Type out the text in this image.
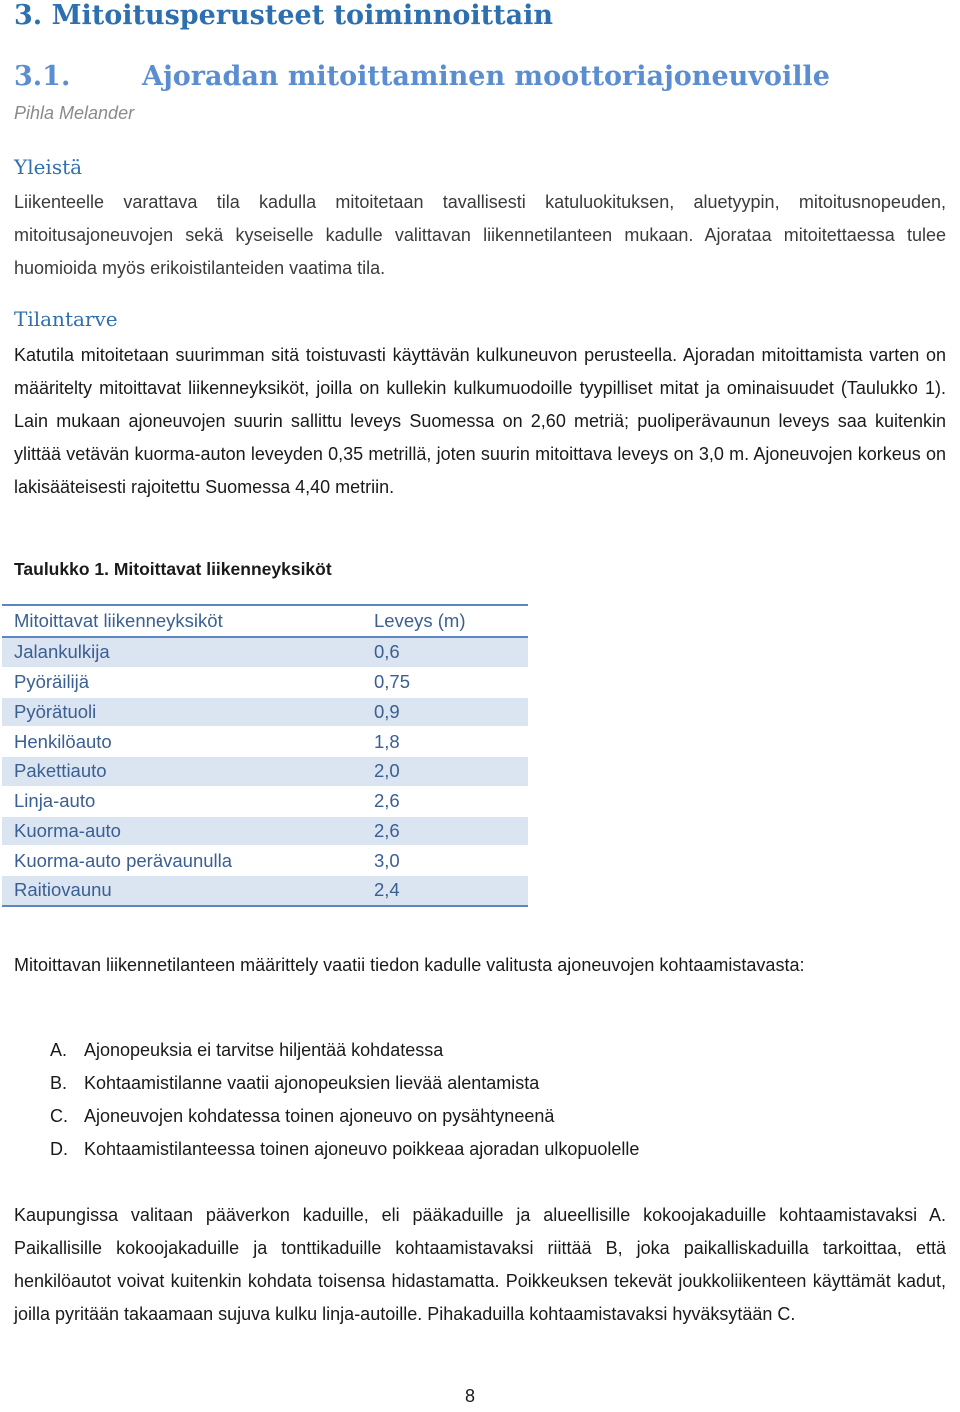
3. Mitoitusperusteet toiminnoittain
3.1.	Ajoradan mitoittaminen moottoriajoneuvoille
Pihla Melander
Yleistä

Liikenteelle varattava tila kadulla mitoitetaan tavallisesti katuluokituksen, aluetyypin, mitoitusnopeuden, mitoitusajoneuvojen sekä kyseiselle kadulle valittavan liikennetilanteen mukaan. Ajorataa mitoitettaessa tulee huomioida myös erikoistilanteiden vaatima tila.

Tilantarve

Katutila mitoitetaan suurimman sitä toistuvasti käyttävän kulkuneuvon perusteella. Ajoradan mitoittamista varten on määritelty mitoittavat liikenneyksiköt, joilla on kullekin kulkumuodoille tyypilliset mitat ja ominaisuudet (Taulukko 1). Lain mukaan ajoneuvojen suurin sallittu leveys Suomessa on 2,60 metriä; puoliperävaunun leveys saa kuitenkin ylittää vetävän kuorma-auton leveyden 0,35 metrillä, joten suurin mitoittava leveys on 3,0 m. Ajoneuvojen korkeus on lakisääteisesti rajoitettu Suomessa 4,40 metriin.

Taulukko 1. Mitoittavat liikenneyksiköt
Mitoittavat liikenneyksiköt	Leveys (m)
Jalankulkija	0,6
Pyöräilijä	0,75
Pyörätuoli	0,9
Henkilöauto	1,8
Pakettiauto	2,0
Linja-auto	2,6
Kuorma-auto	2,6
Kuorma-auto perävaunulla	3,0
Raitiovaunu	2,4

Mitoittavan liikennetilanteen määrittely vaatii tiedon kadulle valitusta ajoneuvojen kohtaamistavasta:

A. Ajonopeuksia ei tarvitse hiljentää kohdatessa
B. Kohtaamistilanne vaatii ajonopeuksien lievää alentamista
C. Ajoneuvojen kohdatessa toinen ajoneuvo on pysähtyneenä
D. Kohtaamistilanteessa toinen ajoneuvo poikkeaa ajoradan ulkopuolelle

Kaupungissa valitaan pääverkon kaduille, eli pääkaduille ja alueellisille kokoojakaduille kohtaamistavaksi A. Paikallisille kokoojakaduille ja tonttikaduille kohtaamistavaksi riittää B, joka paikalliskaduilla tarkoittaa, että henkilöautot voivat kuitenkin kohdata toisensa hidastamatta. Poikkeuksen tekevät joukkoliikenteen käyttämät kadut, joilla pyritään takaamaan sujuva kulku linja-autoille. Pihakaduilla kohtaamistavaksi hyväksytään C.

8
